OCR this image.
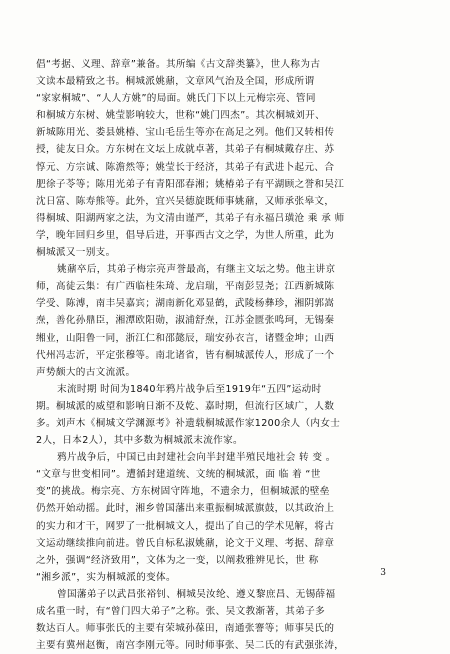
倡“考据、义理、辞章”兼备。其所编《古文辞类纂》，世人称为古
文读本最精致之书。桐城派姚鼐，文章风气治及全国，形成所谓
“家家桐城”、“人人方姚”的局面。姚氏门下以上元梅宗亮、管同
和桐城方东树、姚莹影响较大，世称“姚门四杰”。其次桐城刘开、
新城陈用光、娄县姚椿、宝山毛岳生等亦在高足之列。他们又转相传
授，徒友日众。方东树在文坛上成就卓著，其弟子有桐城戴存庄、苏
惇元、方宗诚、陈澹然等；姚莹长于经济，其弟子有武进卜起元、合
肥徐子苓等；陈用光弟子有青阳邵春湘；姚椿弟子有平湖顾之誉和吴江
沈日富、陈寿熊等。此外，宜兴吴德旋既师事姚鼐，又师承张皋文，
得桐城、阳湖两家之法，为文清由谨严，其弟子有永福吕璜沧 乘 承 师
学，晚年回归乡里，倡导后进，开事西古文之学，为世人所重，此为
桐城派又一别支。
姚鼐卒后，其弟子梅宗亮声誉最高，有继主文坛之势。他主讲京
师，高徒云集：有广西临桂朱琦、龙启瑞，平南彭昱尧；江西新城陈
学受、陈溥，南丰吴嘉宾；湖南新化邓显鹤，武陵杨彝珍，湘阴郭嵩
焘，善化孙鼎臣，湘潭欧阳勋，淑浦舒焘，江苏金匮张鸣珂，无锡秦
缃业，山阳鲁一同，浙江仁和邵懿辰，瑞安孙衣言，诸暨金坤；山西
代州冯志沂，平定张穆等。南北诸省，皆有桐城派传人，形成了一个
声势颇大的古文流派。
末流时期 时间为1840年鸦片战争后至1919年“五四”运动时
期。桐城派的威望和影响日渐不及乾、嘉时期，但流行区域广，人数
多。刘声木《桐城文学渊源考》补遗载桐城派作家1200余人（内女士
2人，日本2人），其中多数为桐城派末流作家。
鸦片战争后，中国已由封建社会向半封建半殖民地社会 转 变 。
“文章与世变相同”。遭循封建道统、文统的桐城派，面 临 着 “世
变”的挑战。梅宗亮、方东树固守阵地，不遗余力，但桐城派的壁垒
仍然开始动摇。此时，湘乡曾国藩出来重振桐城派旗鼓，以其政治上
的实力和才干，网罗了一批桐城文人，提出了自己的学术见解，将古
文运动继续推向前进。曾氏自标私淑姚鼐，论文于义理、考据、辞章
之外，强调“经济致用”，文体为之一变，以阐救雅辨见长，世 称
“湘乡派”，实为桐城派的变体。
曾国藩弟子以武昌张裕钊、桐城吴汝纶、遵义黎庶昌、无锡薛福
成名重一时，有“曾门四大弟子”之称。张、吴文教渐著，其弟子多
数达百人。师事张氏的主要有荣城孙葆田，南通张謇等；师事吴氏的
主要有冀州赵衡，南宫李刚元等。同时师事张、吴二氏的有武强张涛，
3
